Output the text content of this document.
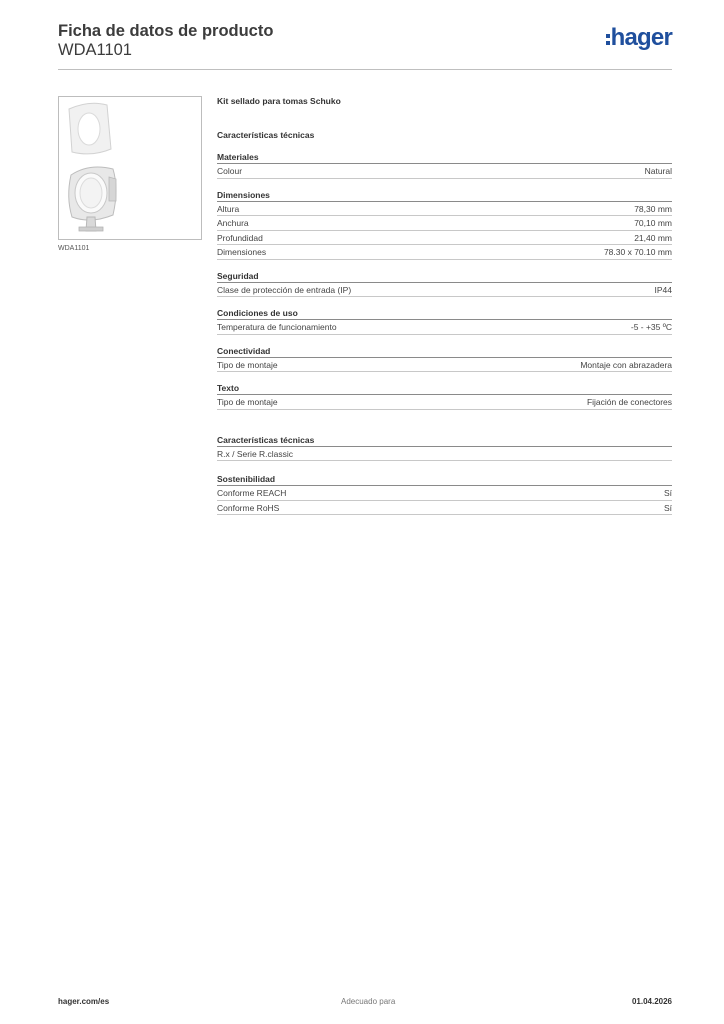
Ficha de datos de producto
WDA1101	hager
WDA1101
Kit sellado para tomas Schuko
Características técnicas
Materiales
Colour	Natural
Dimensiones
Altura	78,30 mm
Anchura	70,10 mm
Profundidad	21,40 mm
Dimensiones	78.30 x 70.10 mm
Seguridad
Clase de protección de entrada (IP)	IP44
Condiciones de uso
Temperatura de funcionamiento	-5 - +35 ºC
Conectividad
Tipo de montaje	Montaje con abrazadera
Texto
Tipo de montaje	Fijación de conectores
Características técnicas
R.x / Serie R.classic
Sostenibilidad
Conforme REACH	Sí
Conforme RoHS	Sí
hager.com/es	Adecuado para	01.04.2026
